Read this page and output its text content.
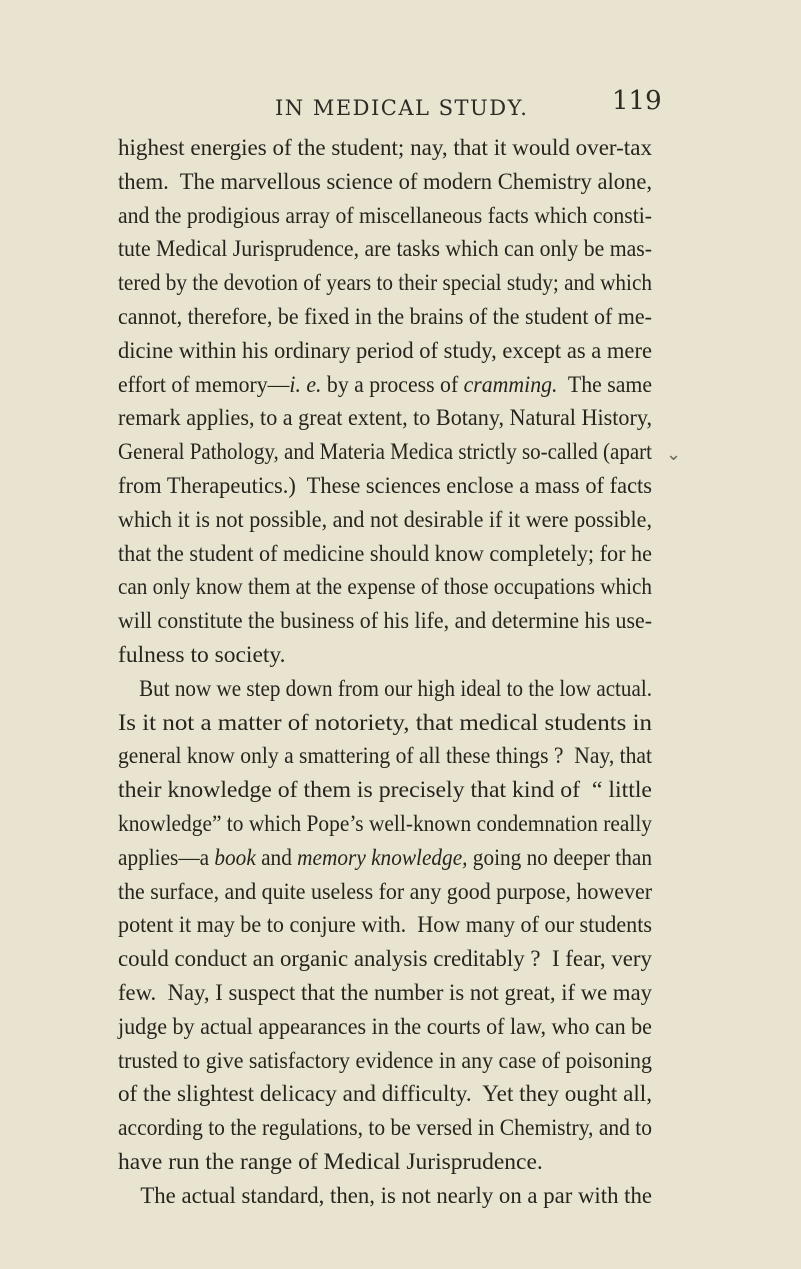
IN MEDICAL STUDY.	119
highest energies of the student; nay, that it would over-tax
them.  The marvellous science of modern Chemistry alone,
and the prodigious array of miscellaneous facts which consti-
tute Medical Jurisprudence, are tasks which can only be mas-
tered by the devotion of years to their special study; and which
cannot, therefore, be fixed in the brains of the student of me-
dicine within his ordinary period of study, except as a mere
effort of memory—i. e. by a process of cramming.  The same
remark applies, to a great extent, to Botany, Natural History,
General Pathology, and Materia Medica strictly so-called (apart
from Therapeutics.)  These sciences enclose a mass of facts
which it is not possible, and not desirable if it were possible,
that the student of medicine should know completely; for he
can only know them at the expense of those occupations which
will constitute the business of his life, and determine his use-
fulness to society.
But now we step down from our high ideal to the low actual.
Is it not a matter of notoriety, that medical students in
general know only a smattering of all these things ?  Nay, that
their knowledge of them is precisely that kind of  “ little
knowledge” to which Pope’s well-known condemnation really
applies—a book and memory knowledge, going no deeper than
the surface, and quite useless for any good purpose, however
potent it may be to conjure with.  How many of our students
could conduct an organic analysis creditably ?  I fear, very
few.  Nay, I suspect that the number is not great, if we may
judge by actual appearances in the courts of law, who can be
trusted to give satisfactory evidence in any case of poisoning
of the slightest delicacy and difficulty.  Yet they ought all,
according to the regulations, to be versed in Chemistry, and to
have run the range of Medical Jurisprudence.
The actual standard, then, is not nearly on a par with the
⌄
